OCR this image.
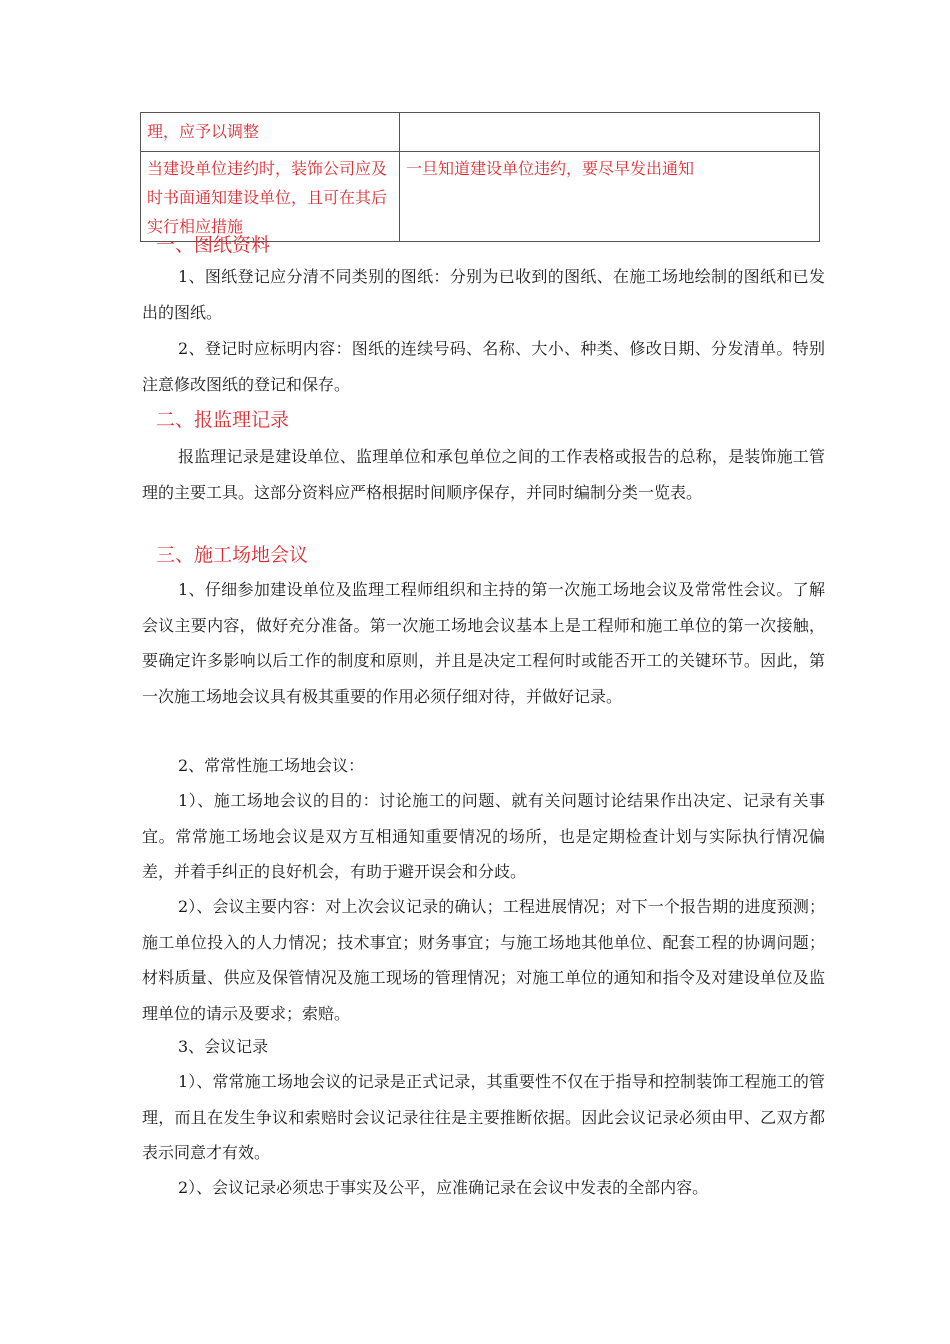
理，应予以调整	
当建设单位违约时，装饰公司应及时书面通知建设单位，且可在其后实行相应措施	一旦知道建设单位违约，要尽早发出通知
一、图纸资料

1、图纸登记应分清不同类别的图纸：分别为已收到的图纸、在施工场地绘制的图纸和已发出的图纸。

2、登记时应标明内容：图纸的连续号码、名称、大小、种类、修改日期、分发清单。特别注意修改图纸的登记和保存。

二、报监理记录

报监理记录是建设单位、监理单位和承包单位之间的工作表格或报告的总称，是装饰施工管理的主要工具。这部分资料应严格根据时间顺序保存，并同时编制分类一览表。

三、施工场地会议

1、仔细参加建设单位及监理工程师组织和主持的第一次施工场地会议及常常性会议。了解会议主要内容，做好充分准备。第一次施工场地会议基本上是工程师和施工单位的第一次接触，要确定许多影响以后工作的制度和原则，并且是决定工程何时或能否开工的关键环节。因此，第一次施工场地会议具有极其重要的作用必须仔细对待，并做好记录。

2、常常性施工场地会议：

1）、施工场地会议的目的：讨论施工的问题、就有关问题讨论结果作出决定、记录有关事宜。常常施工场地会议是双方互相通知重要情况的场所，也是定期检查计划与实际执行情况偏差，并着手纠正的良好机会，有助于避开误会和分歧。

2）、会议主要内容：对上次会议记录的确认；工程进展情况；对下一个报告期的进度预测；施工单位投入的人力情况；技术事宜；财务事宜；与施工场地其他单位、配套工程的协调问题；材料质量、供应及保管情况及施工现场的管理情况；对施工单位的通知和指令及对建设单位及监理单位的请示及要求；索赔。

3、会议记录

1）、常常施工场地会议的记录是正式记录，其重要性不仅在于指导和控制装饰工程施工的管理，而且在发生争议和索赔时会议记录往往是主要推断依据。因此会议记录必须由甲、乙双方都表示同意才有效。

2）、会议记录必须忠于事实及公平，应准确记录在会议中发表的全部内容。
